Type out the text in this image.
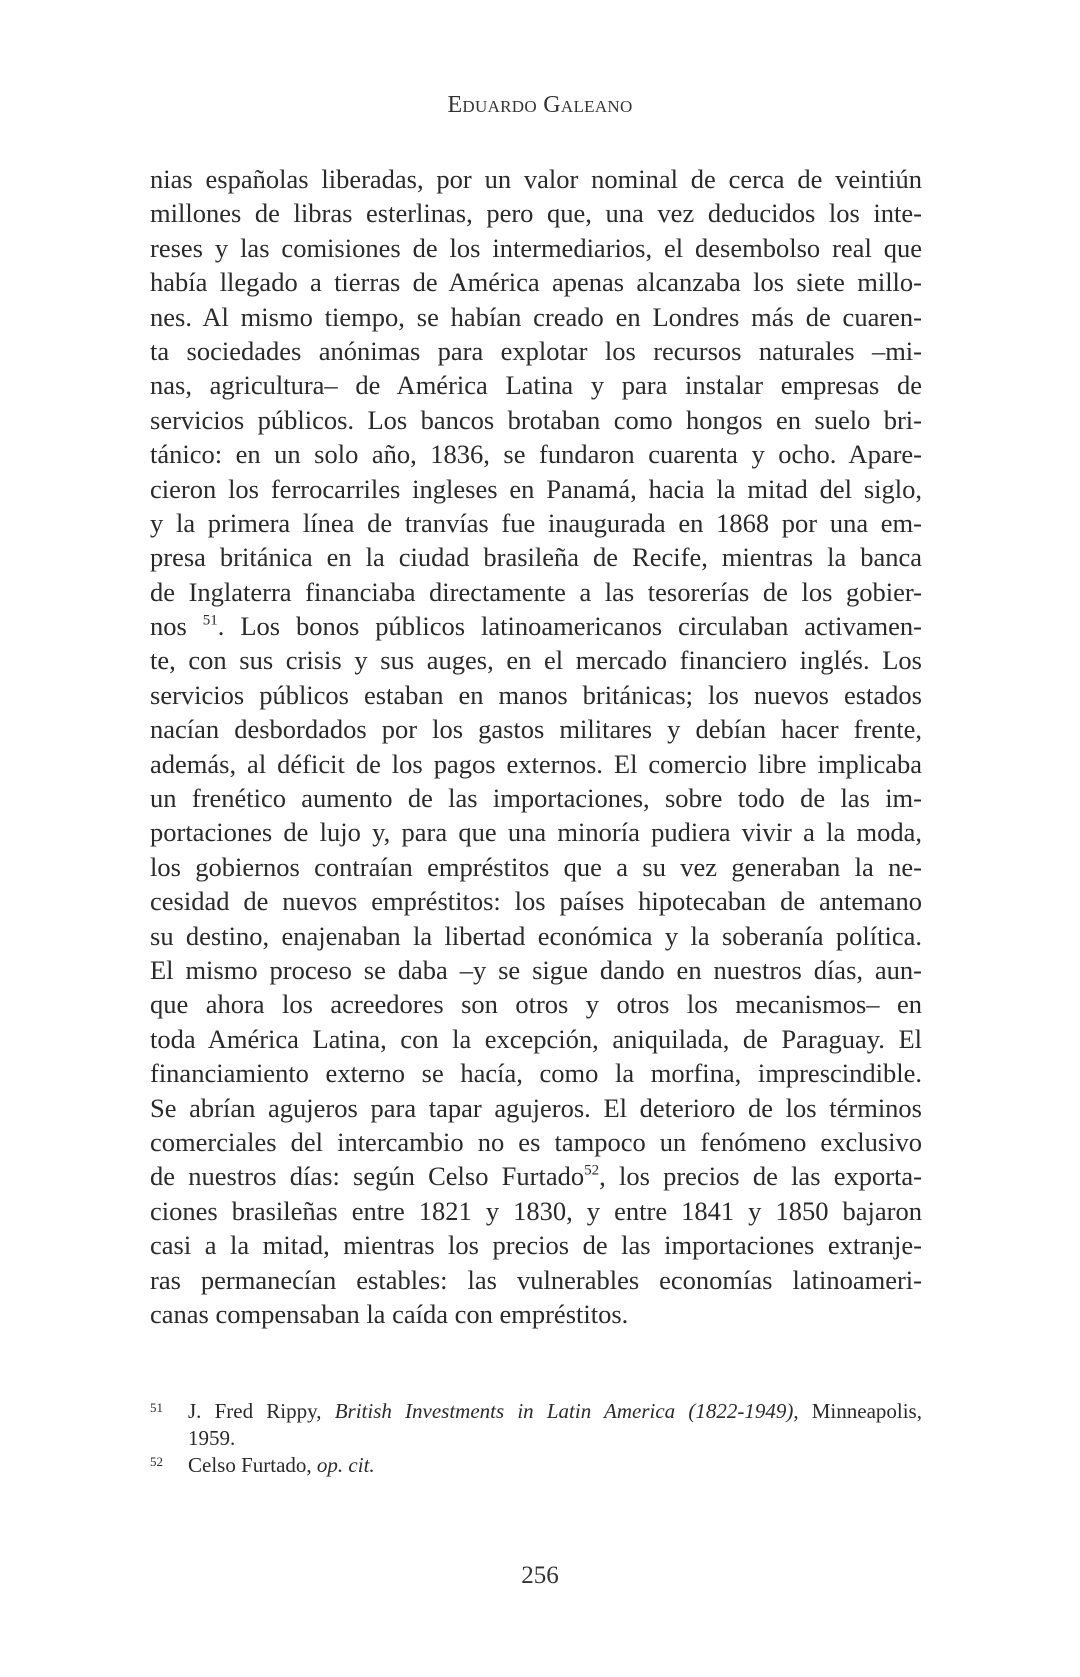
Eduardo Galeano
nias españolas liberadas, por un valor nominal de cerca de veintiún
millones de libras esterlinas, pero que, una vez deducidos los inte-
reses y las comisiones de los intermediarios, el desembolso real que
había llegado a tierras de América apenas alcanzaba los siete millo-
nes. Al mismo tiempo, se habían creado en Londres más de cuaren-
ta sociedades anónimas para explotar los recursos naturales –mi-
nas, agricultura– de América Latina y para instalar empresas de
servicios públicos. Los bancos brotaban como hongos en suelo bri-
tánico: en un solo año, 1836, se fundaron cuarenta y ocho. Apare-
cieron los ferrocarriles ingleses en Panamá, hacia la mitad del siglo,
y la primera línea de tranvías fue inaugurada en 1868 por una em-
presa británica en la ciudad brasileña de Recife, mientras la banca
de Inglaterra financiaba directamente a las tesorerías de los gobier-
nos $^{51}$. Los bonos públicos latinoamericanos circulaban activamen-
te, con sus crisis y sus auges, en el mercado financiero inglés. Los
servicios públicos estaban en manos británicas; los nuevos estados
nacían desbordados por los gastos militares y debían hacer frente,
además, al déficit de los pagos externos. El comercio libre implicaba
un frenético aumento de las importaciones, sobre todo de las im-
portaciones de lujo y, para que una minoría pudiera vivir a la moda,
los gobiernos contraían empréstitos que a su vez generaban la ne-
cesidad de nuevos empréstitos: los países hipotecaban de antemano
su destino, enajenaban la libertad económica y la soberanía política.
El mismo proceso se daba –y se sigue dando en nuestros días, aun-
que ahora los acreedores son otros y otros los mecanismos– en
toda América Latina, con la excepción, aniquilada, de Paraguay. El
financiamiento externo se hacía, como la morfina, imprescindible.
Se abrían agujeros para tapar agujeros. El deterioro de los términos
comerciales del intercambio no es tampoco un fenómeno exclusivo
de nuestros días: según Celso Furtado$^{52}$, los precios de las exporta-
ciones brasileñas entre 1821 y 1830, y entre 1841 y 1850 bajaron
casi a la mitad, mientras los precios de las importaciones extranje-
ras permanecían estables: las vulnerables economías latinoameri-
canas compensaban la caída con empréstitos.
51 J. Fred Rippy, British Investments in Latin America (1822-1949), Minneapolis,
1959.
52 Celso Furtado, op. cit.
256
